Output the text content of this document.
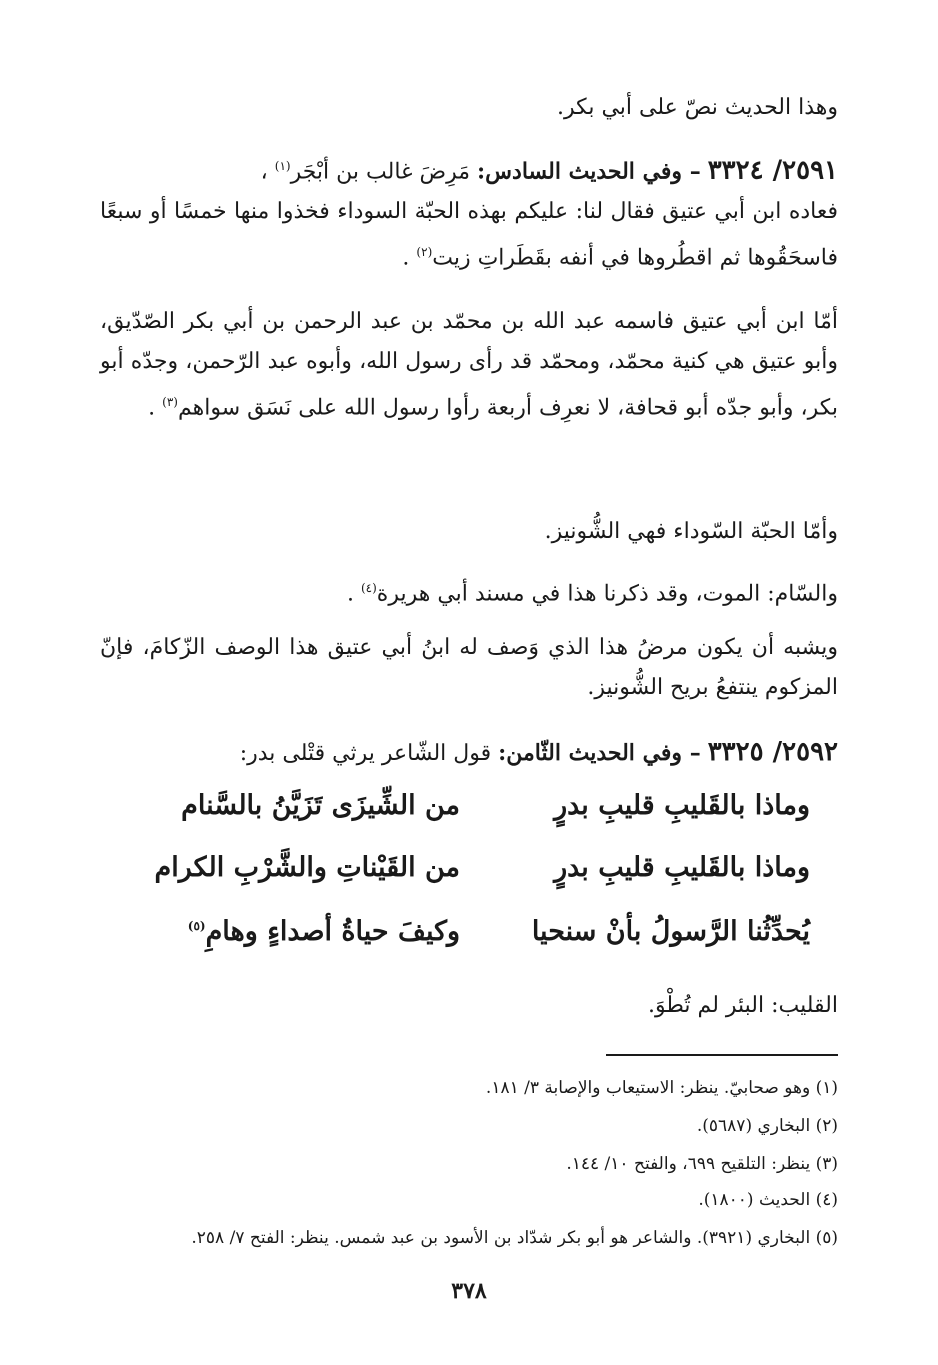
وهذا الحديث نصّ على أبي بكر.

٢٥٩١/ ٣٣٢٤ – وفي الحديث السادس: مَرِضَ غالب بن أبْجَر$^{(١)}$ ،

فعاده ابن أبي عتيق فقال لنا: عليكم بهذه الحبّة السوداء فخذوا منها خمسًا أو سبعًا فاسحَقُوها ثم اقطُروها في أنفه بقَطَراتِ زيت$^{(٢)}$ .

أمّا ابن أبي عتيق فاسمه عبد الله بن محمّد بن عبد الرحمن بن أبي بكر الصّدّيق، وأبو عتيق هي كنية محمّد، ومحمّد قد رأى رسول الله، وأبوه عبد الرّحمن، وجدّه أبو بكر، وأبو جدّه أبو قحافة، لا نعرِف أربعة رأوا رسول الله على نَسَق سواهم$^{(٣)}$ .

وأمّا الحبّة السّوداء فهي الشُّونيز.

والسّام: الموت، وقد ذكرنا هذا في مسند أبي هريرة$^{(٤)}$ .

ويشبه أن يكون مرضُ هذا الذي وَصف له ابنُ أبي عتيق هذا الوصف الزّكامَ، فإنّ المزكوم ينتفعُ بريح الشُّونيز.

٢٥٩٢/ ٣٣٢٥ – وفي الحديث الثّامن: قول الشّاعر يرثي قتْلى بدر:

وماذا بالقَليبِ قليبِ بدرٍ
من الشِّيزَى تَزَيَّنُ بالسَّنام
وماذا بالقَليبِ قليبِ بدرٍ
من القَيْناتِ والشَّرْبِ الكرام
يُحدِّثُنا الرَّسولُ بأنْ سنحيا
وكيفَ حياةُ أصداءٍ وهامِ$^{(٥)}$

القليب: البئر لم تُطْوَ.

(١) وهو صحابيّ. ينظر: الاستيعاب والإصابة ٣/ ١٨١.

(٢) البخاري (٥٦٨٧).

(٣) ينظر: التلقيح ٦٩٩، والفتح ١٠/ ١٤٤.

(٤) الحديث (١٨٠٠).

(٥) البخاري (٣٩٢١). والشاعر هو أبو بكر شدّاد بن الأسود بن عبد شمس. ينظر: الفتح ٧/ ٢٥٨.

٣٧٨
